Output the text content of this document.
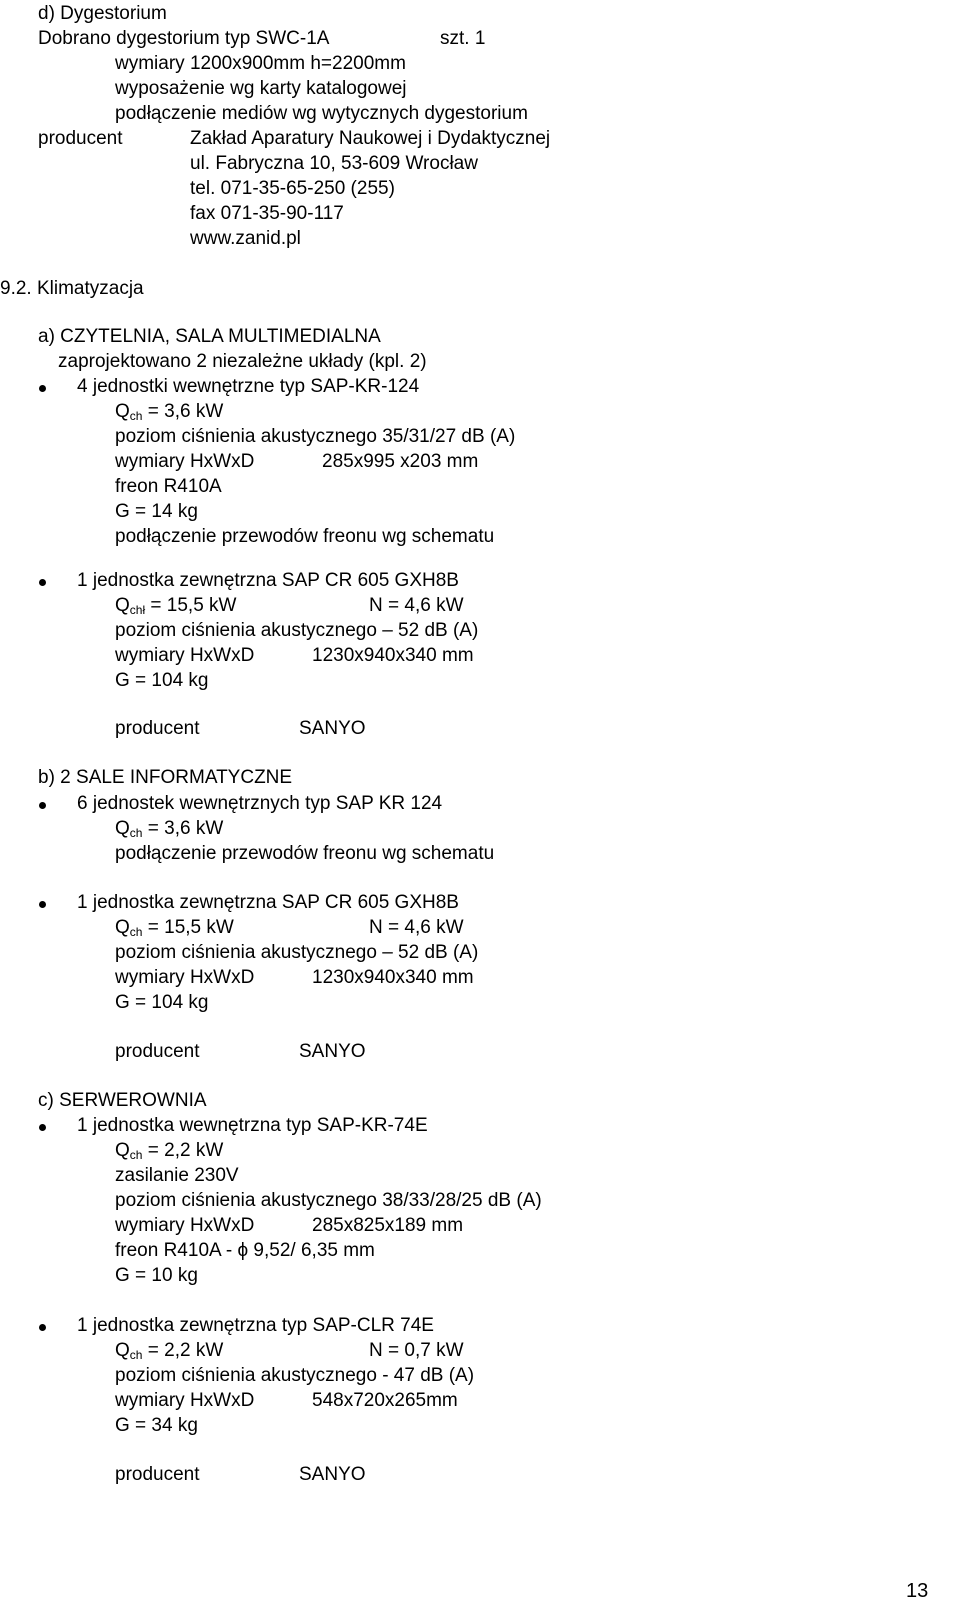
d) Dygestorium
Dobrano dygestorium typ SWC-1A	szt. 1
wymiary 1200x900mm h=2200mm
wyposażenie wg karty katalogowej
podłączenie mediów wg wytycznych dygestorium
producent	Zakład Aparatury Naukowej i Dydaktycznej
ul. Fabryczna 10, 53-609 Wrocław
tel. 071-35-65-250 (255)
fax 071-35-90-117
www.zanid.pl
9.2. Klimatyzacja
a) CZYTELNIA, SALA MULTIMEDIALNA
zaprojektowano 2 niezależne układy (kpl. 2)
4 jednostki wewnętrzne typ SAP-KR-124
$Q_{ch} = 3,6$ kW
poziom ciśnienia akustycznego 35/31/27 dB (A)
wymiary HxWxD	285x995 x203 mm
freon R410A
G = 14 kg
podłączenie przewodów freonu wg schematu
1 jednostka zewnętrzna SAP CR 605 GXH8B
$Q_{chł} = 15,5$ kW	N = 4,6 kW
poziom ciśnienia akustycznego – 52 dB (A)
wymiary HxWxD	1230x940x340 mm
G = 104 kg
producent	SANYO
b) 2 SALE INFORMATYCZNE
6 jednostek wewnętrznych typ SAP KR 124
$Q_{ch} = 3,6$ kW
podłączenie przewodów freonu wg schematu
1 jednostka zewnętrzna SAP CR 605 GXH8B
$Q_{ch} = 15,5$ kW	N = 4,6 kW
poziom ciśnienia akustycznego – 52 dB (A)
wymiary HxWxD	1230x940x340 mm
G = 104 kg
producent	SANYO
c) SERWEROWNIA
1 jednostka wewnętrzna typ SAP-KR-74E
$Q_{ch} = 2,2$ kW
zasilanie 230V
poziom ciśnienia akustycznego 38/33/28/25 dB (A)
wymiary HxWxD	285x825x189 mm
freon R410A - ϕ 9,52/ 6,35 mm
G = 10 kg
1 jednostka zewnętrzna typ SAP-CLR 74E
$Q_{ch} = 2,2$ kW	N = 0,7 kW
poziom ciśnienia akustycznego - 47 dB (A)
wymiary HxWxD	548x720x265mm
G = 34 kg
producent	SANYO
13
